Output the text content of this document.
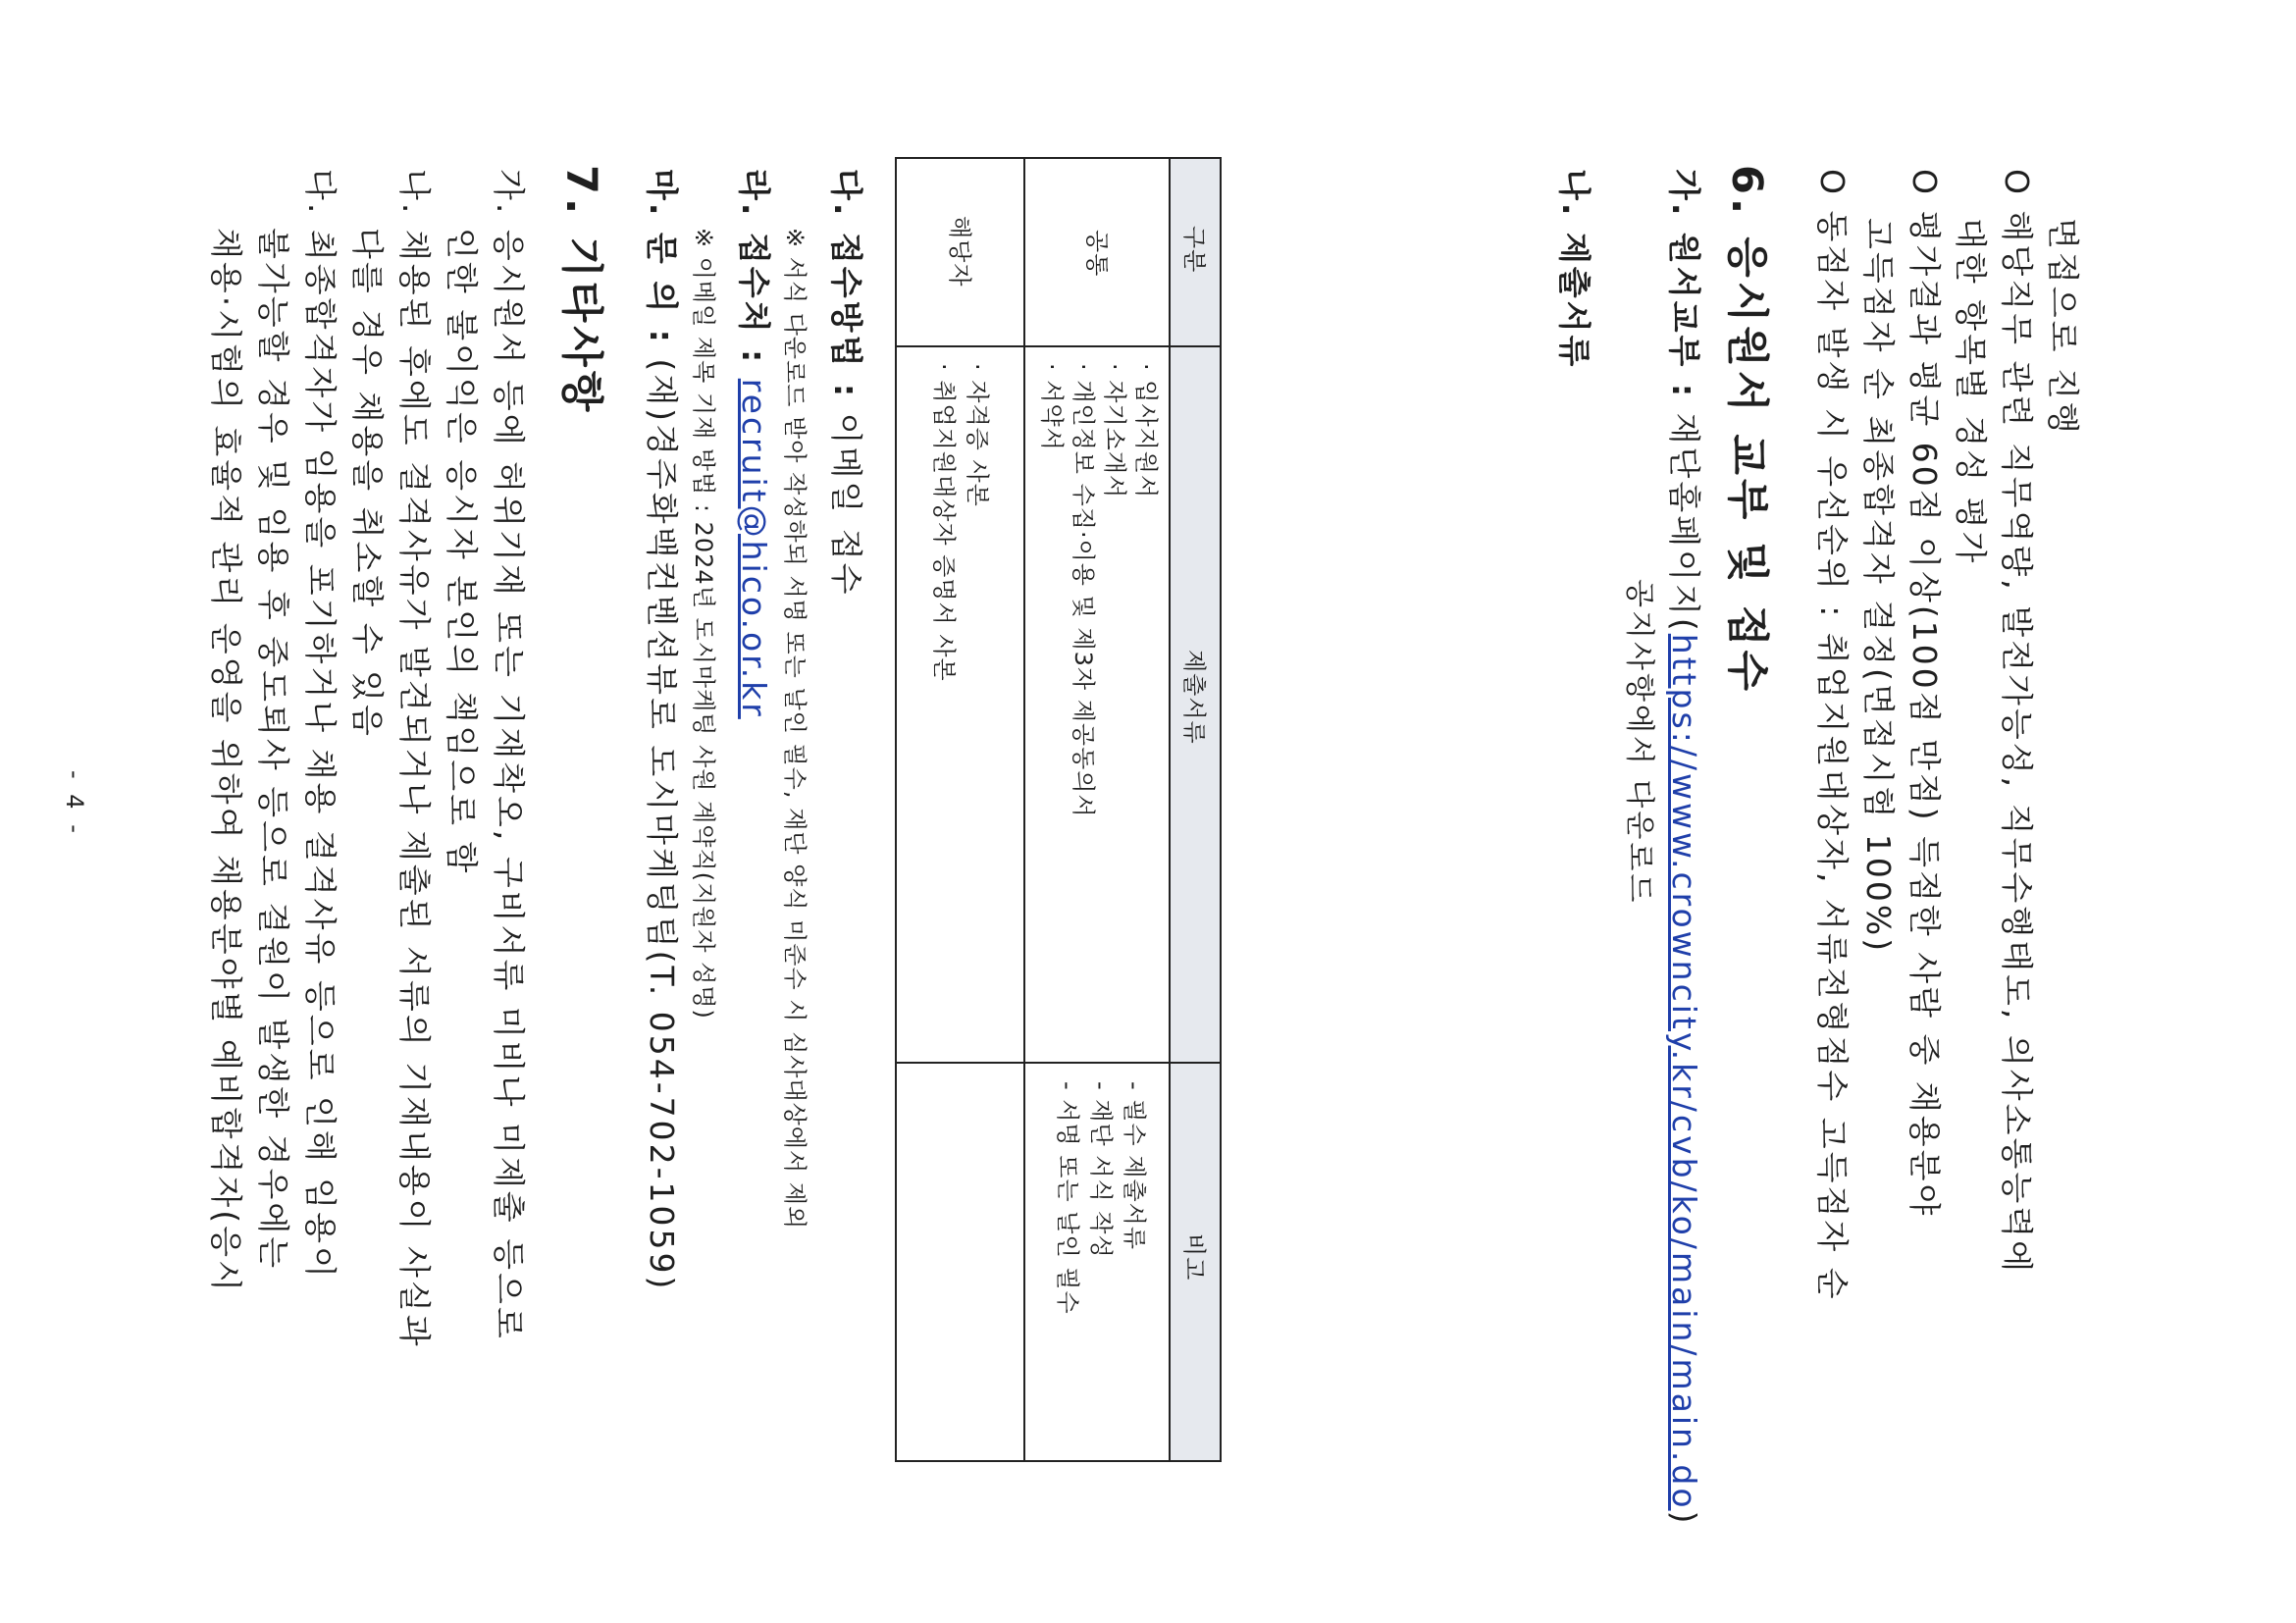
면접으로 진행
O 해당직무 관련 직무역량, 발전가능성, 직무수행태도, 의사소통능력에
대한 항목별 경성 평가
O 평가결과 평균 60점 이상(100점 만점) 득점한 사람 중 채용분야
고득점자 순 최종합격자 결정(면접시험 100%)
O 동점자 발생 시 우선순위 : 취업지원대상자, 서류전형점수 고득점자 순
6. 응시원서 교부 및 접수
가. 원서교부 : 재단홈페이지(https://www.crowncity.kr/cvb/ko/main/main.do)
공지사항에서 다운로드
나. 제출서류
구분
제출서류
비고
공통
· 입사지원서
· 자기소개서
· 개인정보 수집·이용 및 제3자 제공동의서
· 서약서
- 필수 제출서류
- 재단 서식 작성
- 서명 또는 날인 필수
해당자
· 자격증 사본
· 취업지원대상자 증명서 사본
다. 접수방법 : 이메일 접수
※ 서식 다운로드 받아 작성하되 서명 또는 날인 필수, 재단 양식 미준수 시 심사대상에서 제외
라. 접수처 : recruit@hico.or.kr
※ 이메일 제목 기재 방법 : 2024년 도시마케팅 사원 계약직(지원자 성명)
마. 문 의 : (재)경주화백컨벤션뷰로 도시마케팅팀(T. 054-702-1059)
7. 기타사항
가. 응시원서 등에 허위기재 또는 기재착오, 구비서류 미비나 미제출 등으로
인한 불이익은 응시자 본인의 책임으로 함
나. 채용된 후에도 결격사유가 발견되거나 제출된 서류의 기재내용이 사실과
다를 경우 채용을 취소할 수 있음
다. 최종합격자가 임용을 포기하거나 채용 결격사유 등으로 인해 임용이
불가능할 경우 및 임용 후 중도퇴사 등으로 결원이 발생한 경우에는
채용·시험의 효율적 관리 운영을 위하여 채용분야별 예비합격자(응시
- 4 -
